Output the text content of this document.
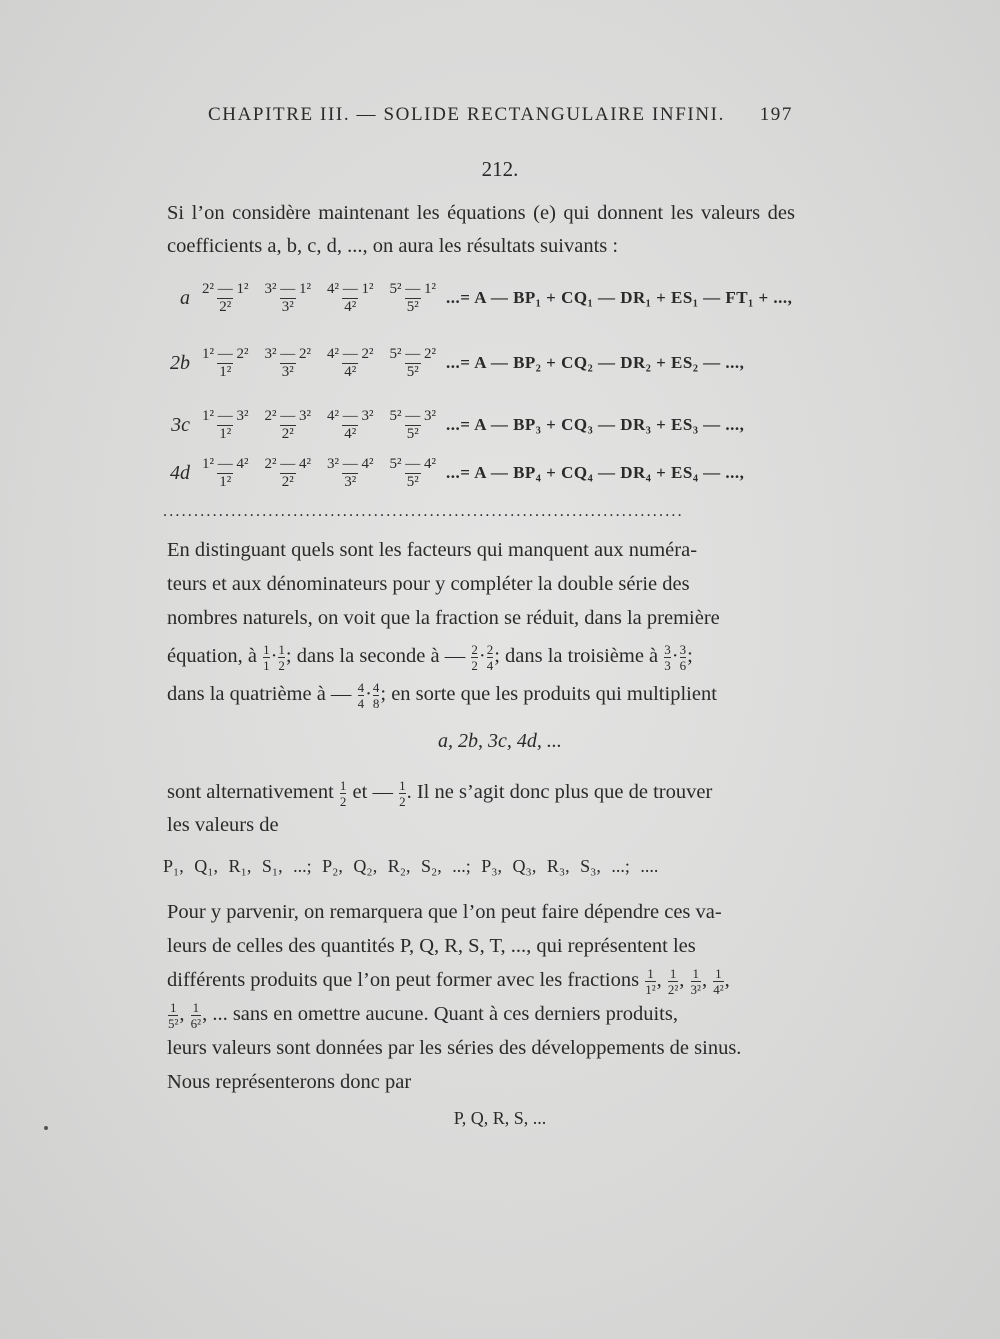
CHAPITRE III. — SOLIDE RECTANGULAIRE INFINI. 197
212.

Si l’on considère maintenant les équations (e) qui donnent les valeurs des coefficients a, b, c, d, ..., on aura les résultats suivants :

a $\frac{\text{2² — 1²}}{\text{2²}} \frac{\text{3² — 1²}}{\text{3²}} \frac{\text{4² — 1²}}{\text{4²}} \frac{\text{5² — 1²}}{\text{5²}}$ ...= A — BP₁ + CQ₁ — DR₁ + ES₁ — FT₁ + ...,
$2b \frac{\text{1² — 2²}}{\text{1²}} \frac{\text{3² — 2²}}{\text{3²}} \frac{\text{4² — 2²}}{\text{4²}} \frac{\text{5² — 2²}}{\text{5²}}$ ...= A — BP₂ + CQ₂ — DR₂ + ES₂ — ...,
$3c \frac{\text{1² — 3²}}{\text{1²}} \frac{\text{2² — 3²}}{\text{2²}} \frac{\text{4² — 3²}}{\text{4²}} \frac{\text{5² — 3²}}{\text{5²}}$ ...= A — BP₃ + CQ₃ — DR₃ + ES₃ — ...,
$4d \frac{\text{1² — 4²}}{\text{1²}} \frac{\text{2² — 4²}}{\text{2²}} \frac{\text{3² — 4²}}{\text{3²}} \frac{\text{5² — 4²}}{\text{5²}}$ ...= A — BP₄ + CQ₄ — DR₄ + ES₄ — ...,
....................................................................................

En distinguant quels sont les facteurs qui manquent aux numéra-

teurs et aux dénominateurs pour y compléter la double série des

nombres naturels, on voit que la fraction se réduit, dans la première

équation, à $\frac{1}{1} \cdot \frac{1}{2}$ ; dans la seconde à — $\frac{2}{2} \cdot \frac{2}{4}$ ; dans la troisième à $\frac{3}{3} \cdot \frac{3}{6}$ ;

dans la quatrième à — $\frac{4}{4} \cdot \frac{4}{8}$ ; en sorte que les produits qui multiplient

a, 2b, 3c, 4d, ...

sont alternativement $\frac{1}{2}$ et — $\frac{1}{2}$ . Il ne s’agit donc plus que de trouver

les valeurs de

P₁, Q₁, R₁, S₁, ...; P₂, Q₂, R₂, S₂, ...; P₃, Q₃, R₃, S₃, ...; ....

Pour y parvenir, on remarquera que l’on peut faire dépendre ces va-

leurs de celles des quantités P, Q, R, S, T, ..., qui représentent les

différents produits que l’on peut former avec les fractions $\frac{1}{\text{1²}}$ , $\frac{1}{\text{2²}}$ , $\frac{1}{\text{3²}}$ , $\frac{1}{\text{4²}}$ ,

$\frac{1}{\text{5²}}$ , $\frac{1}{\text{6²}}$ , ... sans en omettre aucune. Quant à ces derniers produits,

leurs valeurs sont données par les séries des développements de sinus.

Nous représenterons donc par

P, Q, R, S, ...
